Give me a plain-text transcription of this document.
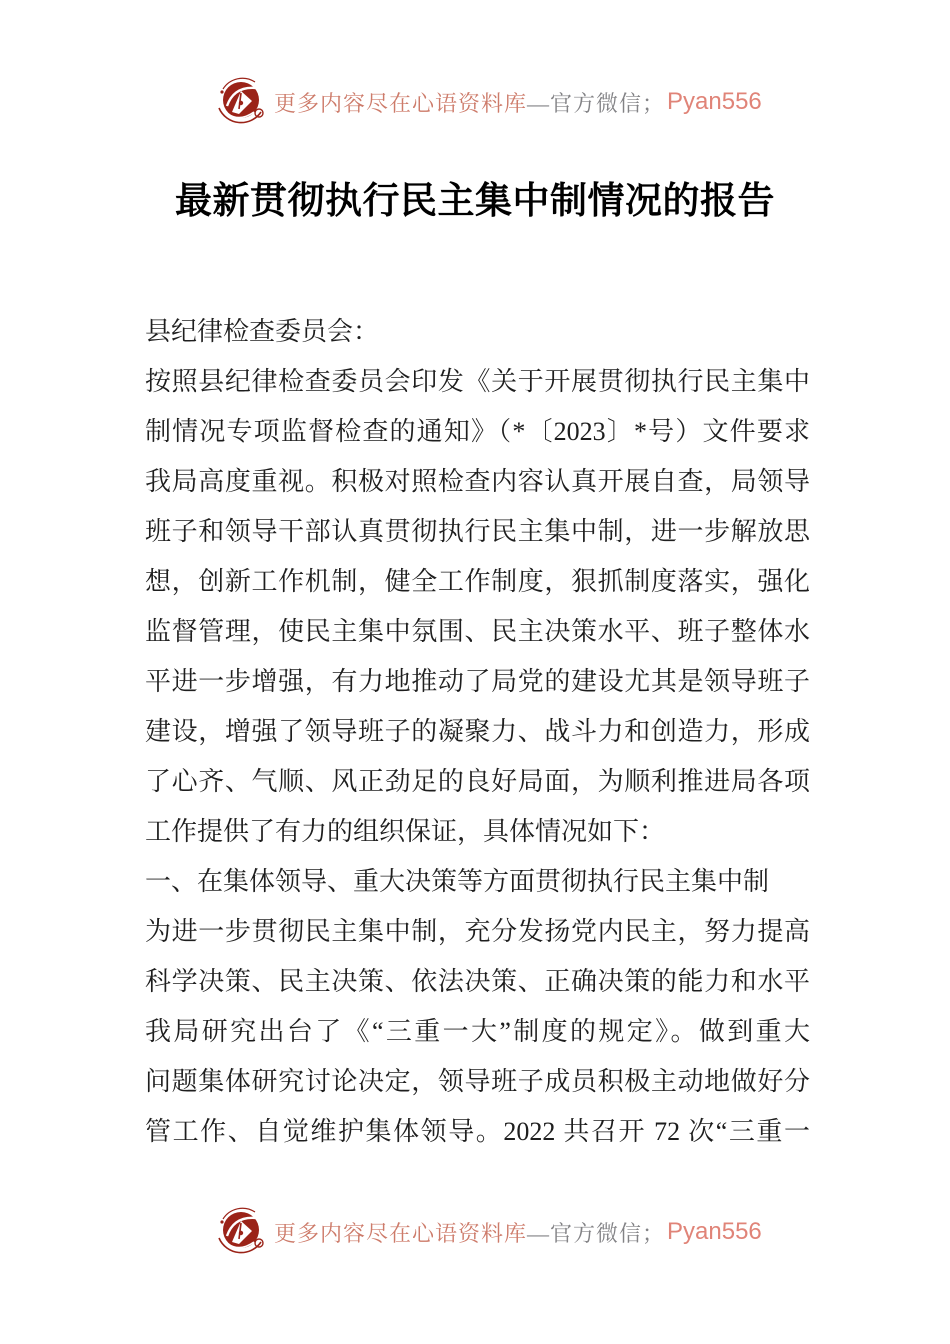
更多内容尽在心语资料库 —官方微信； Pyan556
最新贯彻执行民主集中制情况的报告
县纪律检查委员会：
按照县纪律检查委员会印发《关于开展贯彻执行民主集中
制情况专项监督检查的通知》（*〔2023〕*号）文件要求
我局高度重视。积极对照检查内容认真开展自查，局领导
班子和领导干部认真贯彻执行民主集中制，进一步解放思
想，创新工作机制，健全工作制度，狠抓制度落实，强化
监督管理，使民主集中氛围、民主决策水平、班子整体水
平进一步增强，有力地推动了局党的建设尤其是领导班子
建设，增强了领导班子的凝聚力、战斗力和创造力，形成
了心齐、气顺、风正劲足的良好局面，为顺利推进局各项
工作提供了有力的组织保证，具体情况如下：
一、在集体领导、重大决策等方面贯彻执行民主集中制
为进一步贯彻民主集中制，充分发扬党内民主，努力提高
科学决策、民主决策、依法决策、正确决策的能力和水平
我局研究出台了《“三重一大”制度的规定》。做到重大
问题集体研究讨论决定，领导班子成员积极主动地做好分
管工作、自觉维护集体领导。2022 共召开 72 次“三重一
更多内容尽在心语资料库 —官方微信； Pyan556
